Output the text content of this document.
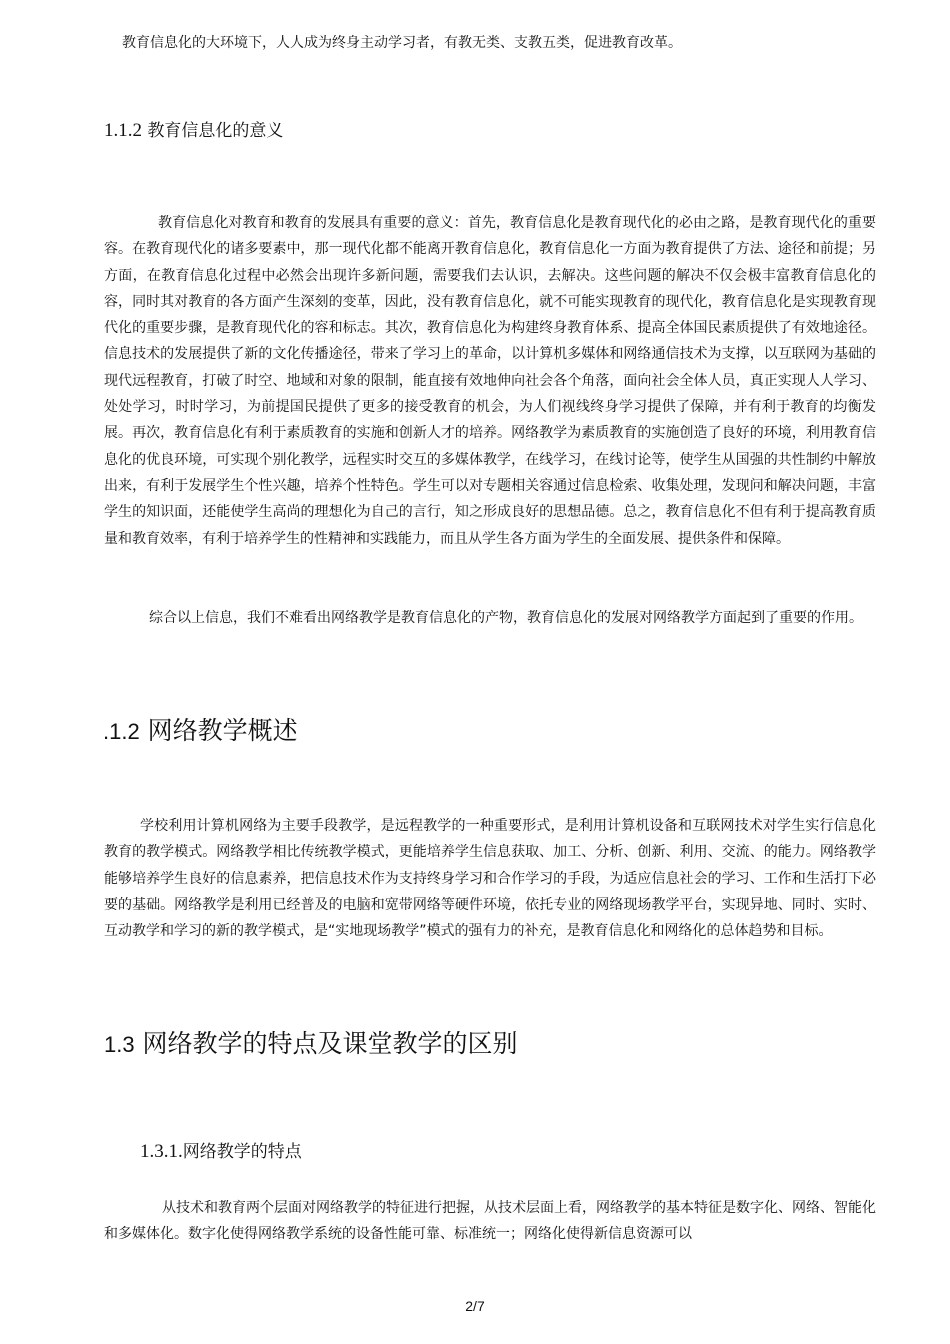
教育信息化的大环境下，人人成为终身主动学习者，有教无类、支教五类，促进教育改革。
1.1.2 教育信息化的意义

教育信息化对教育和教育的发展具有重要的意义：首先，教育信息化是教育现代化的必由之路，是教育现代化的重要容。在教育现代化的诸多要素中，那一现代化都不能离开教育信息化，教育信息化一方面为教育提供了方法、途径和前提；另方面，在教育信息化过程中必然会出现许多新问题，需要我们去认识，去解决。这些问题的解决不仅会极丰富教育信息化的容，同时其对教育的各方面产生深刻的变革，因此，没有教育信息化，就不可能实现教育的现代化，教育信息化是实现教育现代化的重要步骤，是教育现代化的容和标志。其次，教育信息化为构建终身教育体系、提高全体国民素质提供了有效地途径。信息技术的发展提供了新的文化传播途径，带来了学习上的革命，以计算机多媒体和网络通信技术为支撑，以互联网为基础的现代远程教育，打破了时空、地域和对象的限制，能直接有效地伸向社会各个角落，面向社会全体人员，真正实现人人学习、处处学习，时时学习，为前提国民提供了更多的接受教育的机会，为人们视线终身学习提供了保障，并有利于教育的均衡发展。再次，教育信息化有利于素质教育的实施和创新人才的培养。网络教学为素质教育的实施创造了良好的环境，利用教育信息化的优良环境，可实现个别化教学，远程实时交互的多媒体教学，在线学习，在线讨论等，使学生从国强的共性制约中解放出来，有利于发展学生个性兴趣，培养个性特色。学生可以对专题相关容通过信息检索、收集处理，发现问和解决问题，丰富学生的知识面，还能使学生高尚的理想化为自己的言行，知之形成良好的思想品德。总之，教育信息化不但有利于提高教育质量和教育效率，有利于培养学生的性精神和实践能力，而且从学生各方面为学生的全面发展、提供条件和保障。

综合以上信息，我们不难看出网络教学是教育信息化的产物，教育信息化的发展对网络教学方面起到了重要的作用。

.1.2 网络教学概述

学校利用计算机网络为主要手段教学，是远程教学的一种重要形式，是利用计算机设备和互联网技术对学生实行信息化教育的教学模式。网络教学相比传统教学模式，更能培养学生信息获取、加工、分析、创新、利用、交流、的能力。网络教学能够培养学生良好的信息素养，把信息技术作为支持终身学习和合作学习的手段，为适应信息社会的学习、工作和生活打下必要的基础。网络教学是利用已经普及的电脑和宽带网络等硬件环境，依托专业的网络现场教学平台，实现异地、同时、实时、互动教学和学习的新的教学模式，是“实地现场教学”模式的强有力的补充，是教育信息化和网络化的总体趋势和目标。

1.3 网络教学的特点及课堂教学的区别
1.3.1.网络教学的特点

从技术和教育两个层面对网络教学的特征进行把握，从技术层面上看，网络教学的基本特征是数字化、网络、智能化和多媒体化。数字化使得网络教学系统的设备性能可靠、标准统一；网络化使得新信息资源可以

2/7
